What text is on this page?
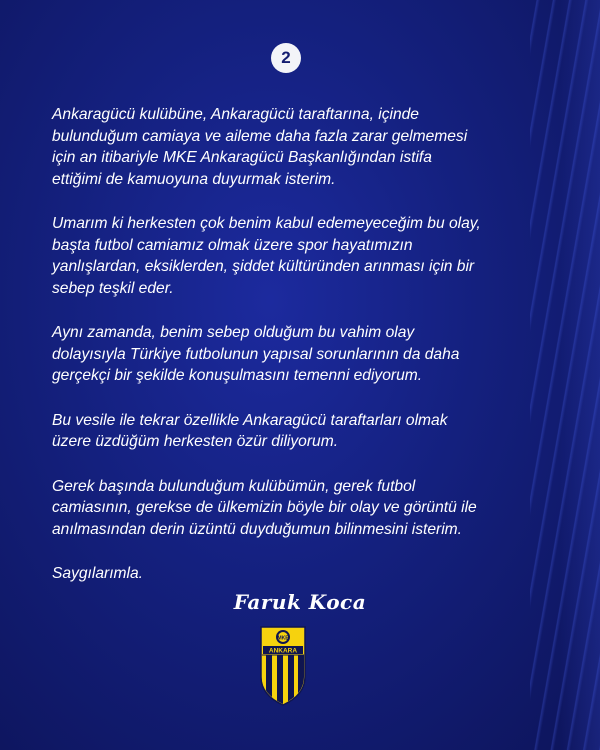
2

Ankaragücü kulübüne, Ankaragücü taraftarına, içinde
bulunduğum camiaya ve aileme daha fazla zarar gelmemesi
için an itibariyle MKE Ankaragücü Başkanlığından istifa
ettiğimi de kamuoyuna duyurmak isterim.

Umarım ki herkesten çok benim kabul edemeyeceğim bu olay,
başta futbol camiamız olmak üzere spor hayatımızın
yanlışlardan, eksiklerden, şiddet kültüründen arınması için bir
sebep teşkil eder.

Aynı zamanda, benim sebep olduğum bu vahim olay
dolayısıyla Türkiye futbolunun yapısal sorunlarının da daha
gerçekçi bir şekilde konuşulmasını temenni ediyorum.

Bu vesile ile tekrar özellikle Ankaragücü taraftarları olmak
üzere üzdüğüm herkesten özür diliyorum.

Gerek başında bulunduğum kulübümün, gerek futbol
camiasının, gerekse de ülkemizin böyle bir olay ve görüntü ile
anılmasından derin üzüntü duyduğumun bilinmesini isterim.

Saygılarımla.

Faruk Koca
MKE
ANKARA
